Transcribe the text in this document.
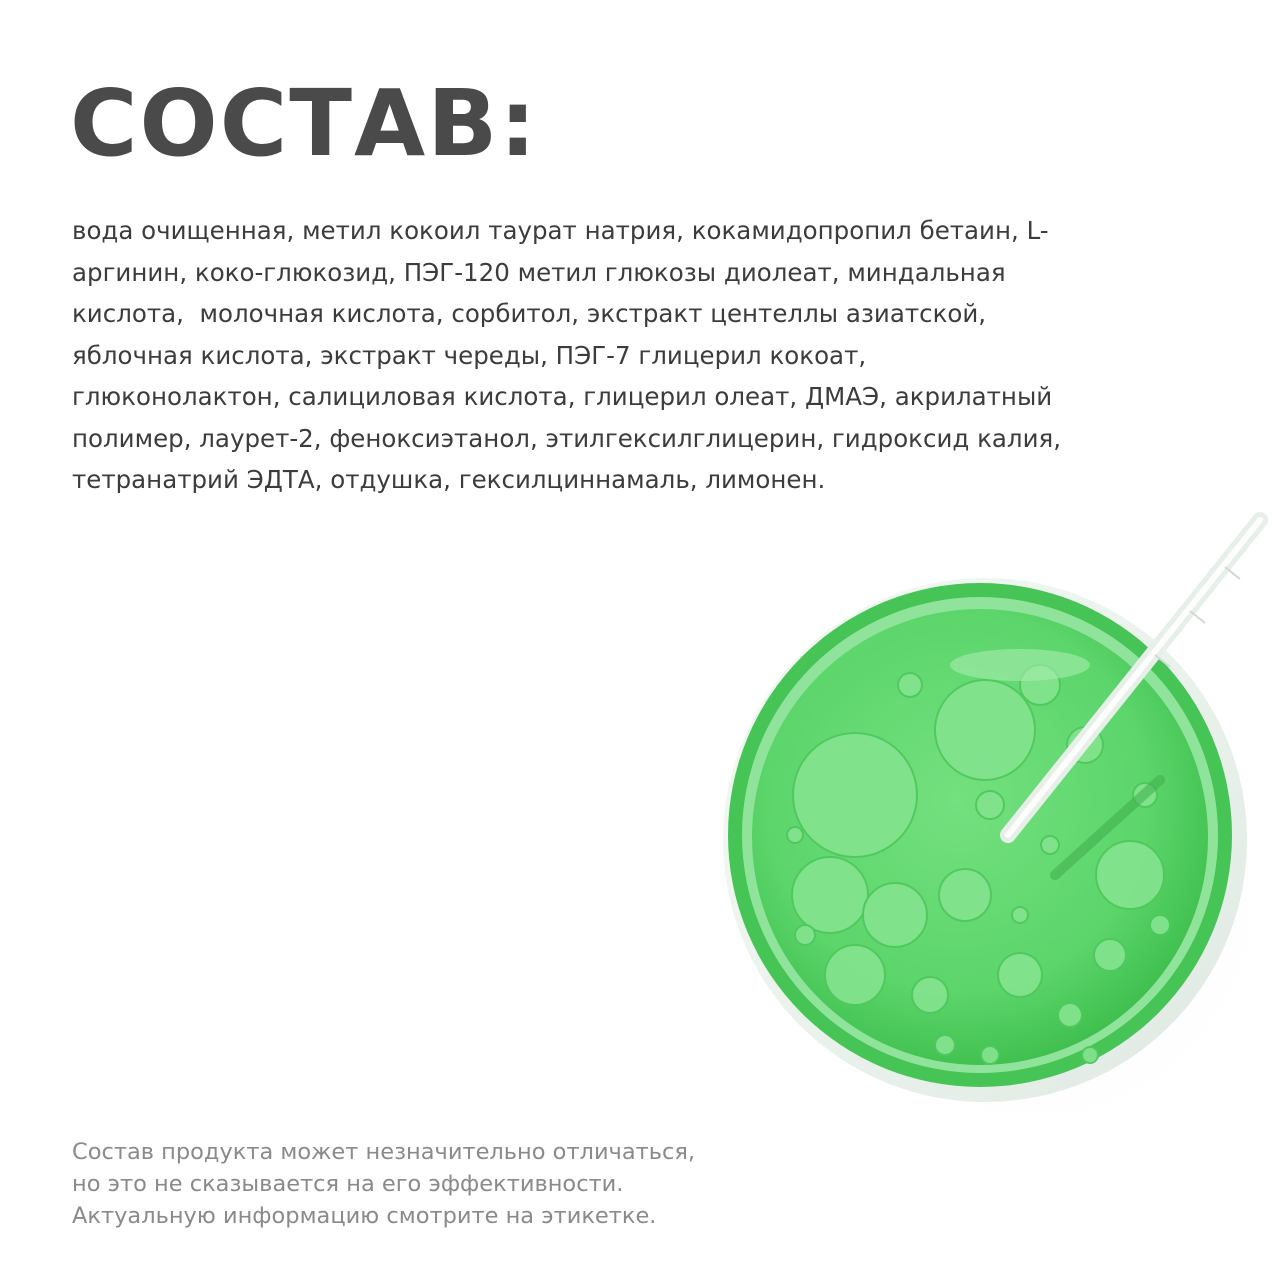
СОСТАВ:
вода очищенная, метил кокоил таурат натрия, кокамидопропил бетаин, L-
аргинин, коко-глюкозид, ПЭГ-120 метил глюкозы диолеат, миндальная
кислота,  молочная кислота, сорбитол, экстракт центеллы азиатской,
яблочная кислота, экстракт череды, ПЭГ-7 глицерил кокоат,
глюконолактон, салициловая кислота, глицерил олеат, ДМАЭ, акрилатный
полимер, лаурет-2, феноксиэтанол, этилгексилглицерин, гидроксид калия,
тетранатрий ЭДТА, отдушка, гексилциннамаль, лимонен.
Состав продукта может незначительно отличаться,
но это не сказывается на его эффективности.
Актуальную информацию смотрите на этикетке.
